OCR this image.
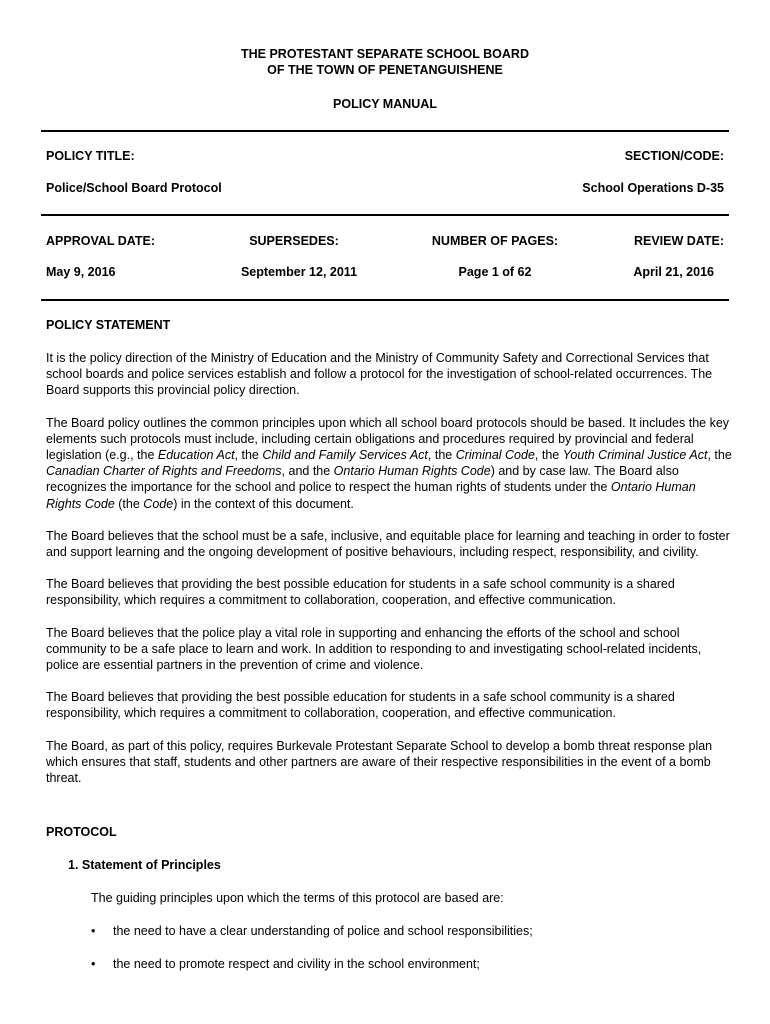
THE PROTESTANT SEPARATE SCHOOL BOARD
OF THE TOWN OF PENETANGUISHENE
POLICY MANUAL
POLICY TITLE:	SECTION/CODE:
Police/School Board Protocol	School Operations D-35
APPROVAL DATE:	SUPERSEDES:	NUMBER OF PAGES:	REVIEW DATE:
May 9, 2016	September 12, 2011	Page 1 of 62	April 21, 2016
POLICY STATEMENT

It is the policy direction of the Ministry of Education and the Ministry of Community Safety and Correctional Services that school boards and police services establish and follow a protocol for the investigation of school-related occurrences. The Board supports this provincial policy direction.

The Board policy outlines the common principles upon which all school board protocols should be based. It includes the key elements such protocols must include, including certain obligations and procedures required by provincial and federal legislation (e.g., the Education Act, the Child and Family Services Act, the Criminal Code, the Youth Criminal Justice Act, the Canadian Charter of Rights and Freedoms, and the Ontario Human Rights Code) and by case law. The Board also recognizes the importance for the school and police to respect the human rights of students under the Ontario Human Rights Code (the Code) in the context of this document.

The Board believes that the school must be a safe, inclusive, and equitable place for learning and teaching in order to foster and support learning and the ongoing development of positive behaviours, including respect, responsibility, and civility.

The Board believes that providing the best possible education for students in a safe school community is a shared responsibility, which requires a commitment to collaboration, cooperation, and effective communication.

The Board believes that the police play a vital role in supporting and enhancing the efforts of the school and school community to be a safe place to learn and work. In addition to responding to and investigating school-related incidents, police are essential partners in the prevention of crime and violence.

The Board believes that providing the best possible education for students in a safe school community is a shared responsibility, which requires a commitment to collaboration, cooperation, and effective communication.

The Board, as part of this policy, requires Burkevale Protestant Separate School to develop a bomb threat response plan which ensures that staff, students and other partners are aware of their respective responsibilities in the event of a bomb threat.

PROTOCOL
1. Statement of Principles
The guiding principles upon which the terms of this protocol are based are:
• the need to have a clear understanding of police and school responsibilities;
• the need to promote respect and civility in the school environment;
